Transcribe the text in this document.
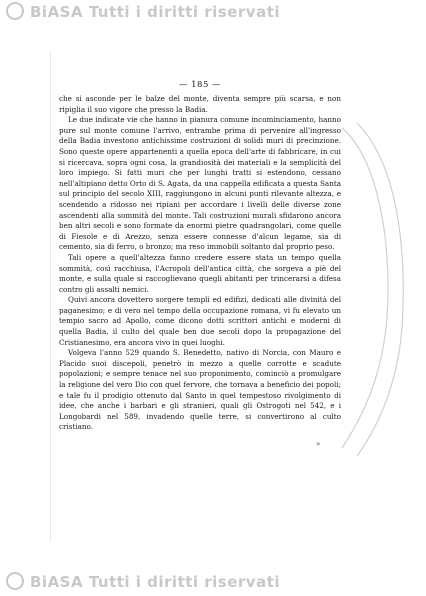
BiASA Tutti i diritti riservati
— 185 —

che si asconde per le balze del monte, diventa sempre più scarsa, e non ripiglia il suo vigore che presso la Badia.

Le due indicate vie che hanno in pianura comune incominciamento, hanno pure sul monte comune l'arrivo, entrambe prima di pervenire all'ingresso della Badia investono antichissime costruzioni di solidi muri di precinzione. Sono queste opere appartenenti a quella epoca dell'arte di fabbricare, in cui si ricercava, sopra ogni cosa, la grandiosità dei materiali e la semplicità del loro impiego. Si fatti muri che per lunghi tratti si estendono, cessano nell'altipiano detto Orto di S. Agata, da una cappella edificata a questa Santa sul principio del secolo XIII, raggiungono in alcuni punti rilevante altezza, e scendendo a ridosso nei ripiani per accordare i livelli delle diverse zone ascendenti alla sommità del monte. Tali costruzioni murali sfidarono ancora ben altri secoli e sono formate da enormi pietre quadrangolari, come quelle di Fiesole e di Arezzo, senza essere connesse d'alcun legame, sia di cemento, sia di ferro, o bronzo; ma reso immobili soltanto dal proprio peso.

Tali opere a quell'altezza fanno credere essere stata un tempo quella sommità, così racchiusa, l'Acropoli dell'antica città, che sorgeva a piè del monte, e sulla quale si raccoglievano quegli abitanti per trincerarsi a difesa contro gli assalti nemici.

Quivi ancora dovettero sorgere templi ed edifizi, dedicati alle divinità del paganesimo; e di vero nel tempo della occupazione romana, vi fu elevato un tempio sacro ad Apollo, come dicono dotti scrittori antichi e moderni di quella Badia, il culto del quale ben due secoli dopo la propagazione del Cristianesimo, era ancora vivo in quei luoghi.

Volgeva l'anno 529 quando S. Benedetto, nativo di Norcia, con Mauro e Placido suoi discepoli, penetrò in mezzo a quelle corrotte e scadute popolazioni; e sempre tenace nel suo proponimento, cominciò a promulgare la religione del vero Dio con quel fervore, che tornava a beneficio dei popoli; e tale fu il prodigio ottenuto dal Santo in quel tempestoso rivolgimento di idee, che anche i barbari e gli stranieri, quali gli Ostrogoti nel 542, e i Longobardi nel 589, invadendo quelle terre, si convertirono al culto cristiano.

»
BiASA Tutti i diritti riservati
